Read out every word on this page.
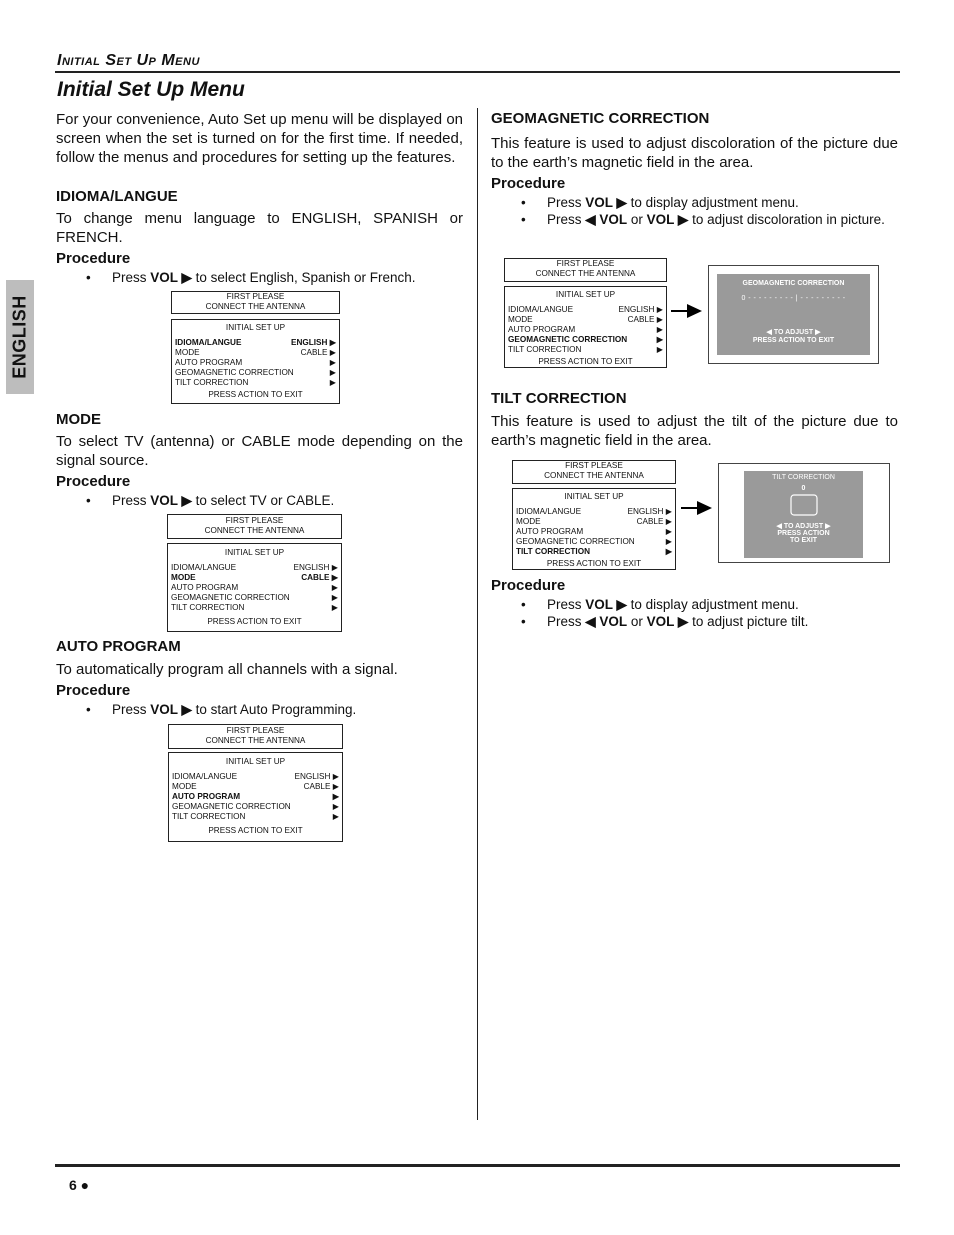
Initial Set Up Menu
Initial Set Up Menu
ENGLISH
For your convenience, Auto Set up menu will be displayed on screen when the set is turned on for the first time. If needed, follow the menus and procedures for setting up the features.
IDIOMA/LANGUE
To change menu language to ENGLISH, SPANISH or FRENCH.
Procedure
• Press VOL ▶ to select English, Spanish or French.
FIRST PLEASE
CONNECT THE ANTENNA
INITIAL SET UP
IDIOMA/LANGUE	ENGLISH ▶
MODE	CABLE ▶
AUTO PROGRAM	▶
GEOMAGNETIC CORRECTION	▶
TILT CORRECTION	▶
PRESS ACTION TO EXIT
MODE
To select TV (antenna) or CABLE mode depending on the signal source.
Procedure
• Press VOL ▶ to select TV or CABLE.
FIRST PLEASE
CONNECT THE ANTENNA
INITIAL SET UP
IDIOMA/LANGUE	ENGLISH ▶
MODE	CABLE ▶
AUTO PROGRAM	▶
GEOMAGNETIC CORRECTION	▶
TILT CORRECTION	▶
PRESS ACTION TO EXIT
AUTO PROGRAM
To automatically program all channels with a signal.
Procedure
• Press VOL ▶ to start Auto Programming.
FIRST PLEASE
CONNECT THE ANTENNA
INITIAL SET UP
IDIOMA/LANGUE	ENGLISH ▶
MODE	CABLE ▶
AUTO PROGRAM	▶
GEOMAGNETIC CORRECTION	▶
TILT CORRECTION	▶
PRESS ACTION TO EXIT
GEOMAGNETIC CORRECTION
This feature is used to adjust discoloration of the picture due to the earth’s magnetic field in the area.
Procedure
• Press VOL ▶ to display adjustment menu.
• Press ◀ VOL or VOL ▶ to adjust discoloration in picture.
FIRST PLEASE
CONNECT THE ANTENNA
INITIAL SET UP
IDIOMA/LANGUE	ENGLISH ▶
MODE	CABLE ▶
AUTO PROGRAM	▶
GEOMAGNETIC CORRECTION	▶
TILT CORRECTION	▶
PRESS ACTION TO EXIT
GEOMAGNETIC CORRECTION
0 - - - - - - - - - | - - - - - - - - -
◀ TO ADJUST ▶
PRESS ACTION TO EXIT
TILT CORRECTION
This feature is used to adjust the tilt of the picture due to earth’s magnetic field in the area.
FIRST PLEASE
CONNECT THE ANTENNA
INITIAL SET UP
IDIOMA/LANGUE	ENGLISH ▶
MODE	CABLE ▶
AUTO PROGRAM	▶
GEOMAGNETIC CORRECTION	▶
TILT CORRECTION	▶
PRESS ACTION TO EXIT
TILT CORRECTION
0
◀ TO ADJUST ▶
PRESS ACTION
TO EXIT
Procedure
• Press VOL ▶ to display adjustment menu.
• Press ◀ VOL or VOL ▶ to adjust picture tilt.
6 ●
